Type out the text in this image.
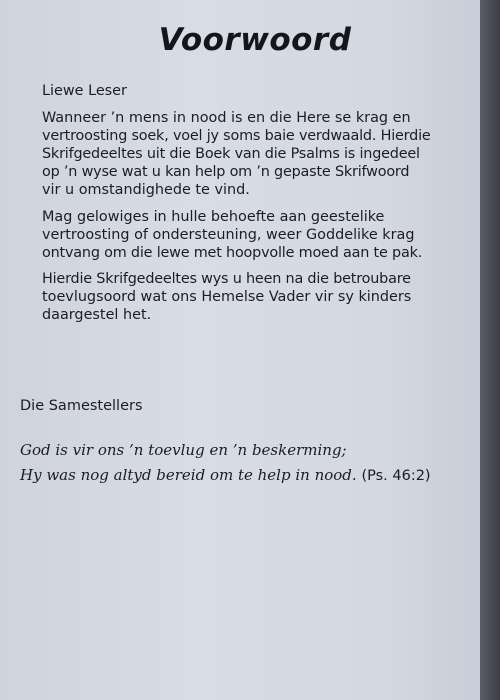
Voorwoord
Liewe Leser
Wanneer ’n mens in nood is en die Here se krag en
vertroosting soek, voel jy soms baie verdwaald. Hierdie
Skrifgedeeltes uit die Boek van die Psalms is ingedeel
op ’n wyse wat u kan help om ’n gepaste Skrifwoord
vir u omstandighede te vind.
Mag gelowiges in hulle behoefte aan geestelike
vertroosting of ondersteuning, weer Goddelike krag
ontvang om die lewe met hoopvolle moed aan te pak.
Hierdie Skrifgedeeltes wys u heen na die betroubare
toevlugsoord wat ons Hemelse Vader vir sy kinders
daargestel het.
Die Samestellers
God is vir ons ’n toevlug en ’n beskerming;
Hy was nog altyd bereid om te help in nood. (Ps. 46:2)
